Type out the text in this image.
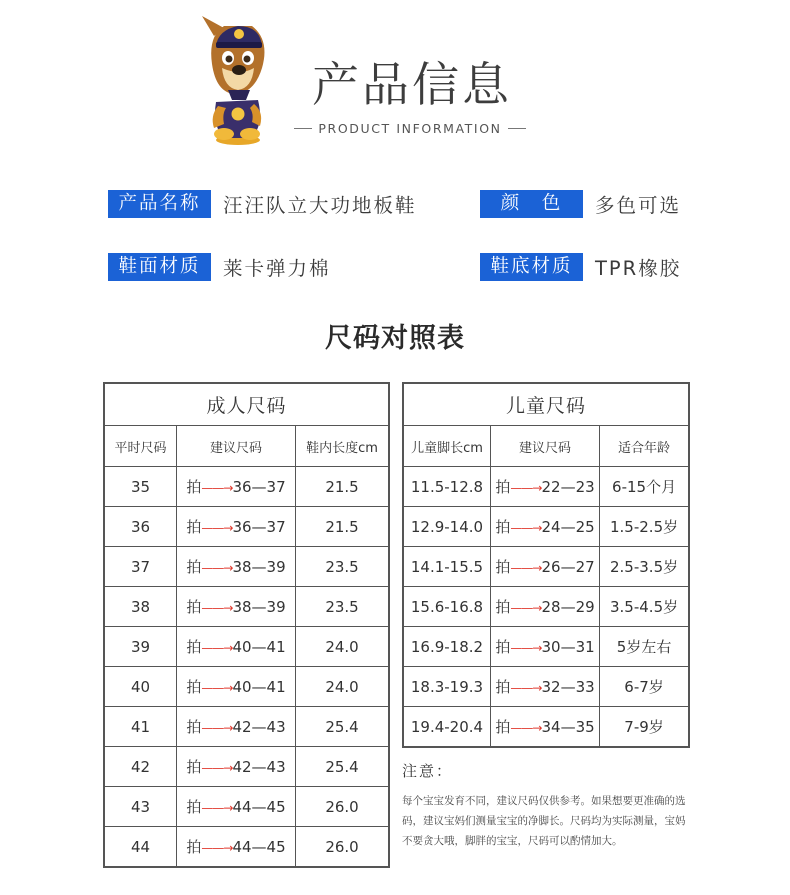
产品信息
PRODUCT INFORMATION
产品名称	汪汪队立大功地板鞋	颜　色	多色可选
鞋面材质	莱卡弹力棉	鞋底材质	TPR橡胶
尺码对照表
成人尺码		
平时尺码	建议尺码	鞋内长度cm
35	拍——→36—37	21.5
36	拍——→36—37	21.5
37	拍——→38—39	23.5
38	拍——→38—39	23.5
39	拍——→40—41	24.0
40	拍——→40—41	24.0
41	拍——→42—43	25.4
42	拍——→42—43	25.4
43	拍——→44—45	26.0
44	拍——→44—45	26.0
儿童尺码		
儿童脚长cm	建议尺码	适合年龄
11.5-12.8	拍——→22—23	6-15个月
12.9-14.0	拍——→24—25	1.5-2.5岁
14.1-15.5	拍——→26—27	2.5-3.5岁
15.6-16.8	拍——→28—29	3.5-4.5岁
16.9-18.2	拍——→30—31	5岁左右
18.3-19.3	拍——→32—33	6-7岁
19.4-20.4	拍——→34—35	7-9岁
注意：
每个宝宝发育不同，建议尺码仅供参考。如果想要更准确的选码，建议宝妈们测量宝宝的净脚长。尺码均为实际测量，宝妈不要贪大哦，脚胖的宝宝，尺码可以酌情加大。
